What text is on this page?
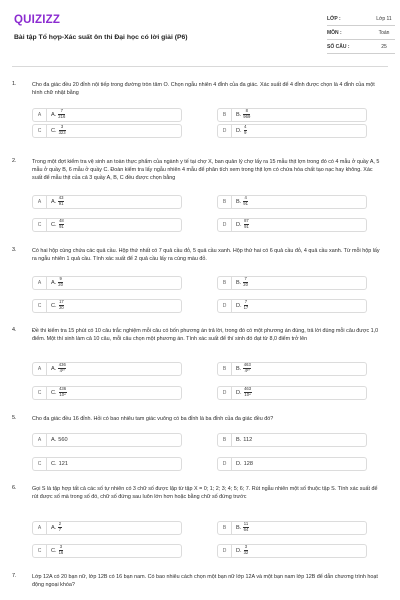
QUIZIZZ
Bài tập Tổ hợp-Xác suất ôn thi Đại học có lời giải (P6)
LỚP :	Lớp 11
MÔN :	Toán
SỐ CÂU :	25
1.	Cho đa giác đều 20 đỉnh nội tiếp trong đường tròn tâm O. Chọn ngẫu nhiên 4 đỉnh của đa giác. Xác suất để 4 đỉnh được chọn là 4 đỉnh của một hình chữ nhật bằng
A	A. $\frac{7}{216}$	B	B. $\frac{8}{969}$
C	C. $\frac{3}{323}$	D	D. $\frac{4}{9}$
2.	Trong một đợt kiểm tra vệ sinh an toàn thực phẩm của ngành y tế tại chợ X, ban quản lý chợ lấy ra 15 mẫu thịt lợn trong đó có 4 mẫu ở quầy A, 5 mẫu ở quầy B, 6 mẫu ở quầy C. Đoàn kiểm tra lấy ngẫu nhiên 4 mẫu để phân tích xem trong thịt lợn có chứa hóa chất tạo nạc hay không. Xác suất để mẫu thịt của cả 3 quầy A, B, C đều được chọn bằng
A	A. $\frac{43}{91}$	B	B. $\frac{4}{91}$
C	C. $\frac{48}{91}$	D	D. $\frac{87}{91}$
3.	Có hai hộp cùng chứa các quả cầu. Hộp thứ nhất có 7 quả cầu đỏ, 5 quả cầu xanh. Hộp thứ hai có 6 quả cầu đỏ, 4 quả cầu xanh. Từ mỗi hộp lấy ra ngẫu nhiên 1 quả cầu. Tính xác suất để 2 quả cầu lấy ra cùng màu đỏ.
A	A. $\frac{9}{20}$	B	B. $\frac{7}{20}$
C	C. $\frac{17}{20}$	D	D. $\frac{7}{17}$
4.	Đề thi kiểm tra 15 phút có 10 câu trắc nghiệm mỗi câu có bốn phương án trả lời, trong đó có một phương án đúng, trả lời đúng mỗi câu được 1,0 điểm. Một thí sinh làm cả 10 câu, mỗi câu chọn một phương án. Tính xác suất để thí sinh đó đạt từ 8,0 điểm trở lên
A	A. $\frac{436}{\text{4¹⁰}}$	B	B. $\frac{463}{\text{4¹⁰}}$
C	C. $\frac{436}{\text{10⁴}}$	D	D. $\frac{463}{\text{10⁴}}$
5.	Cho đa giác đều 16 đỉnh. Hỏi có bao nhiêu tam giác vuông có ba đỉnh là ba đỉnh của đa giác đều đó?
A	A. 560	B	B. 112
C	C. 121	D	D. 128
6.	Gọi S là tập hợp tất cả các số tự nhiên có 3 chữ số được lập từ tập X = 0; 1; 2; 3; 4; 5; 6; 7. Rút ngẫu nhiên một số thuộc tập S. Tính xác suất để rút được số mà trong số đó, chữ số đứng sau luôn lớn hơn hoặc bằng chữ số đứng trước
A	A. $\frac{2}{7}$	B	B. $\frac{11}{64}$
C	C. $\frac{3}{16}$	D	D. $\frac{3}{32}$
7.	Lớp 12A có 20 bạn nữ, lớp 12B có 16 bạn nam. Có bao nhiêu cách chọn một bạn nữ lớp 12A và một bạn nam lớp 12B để dẫn chương trình hoạt động ngoại khóa?
